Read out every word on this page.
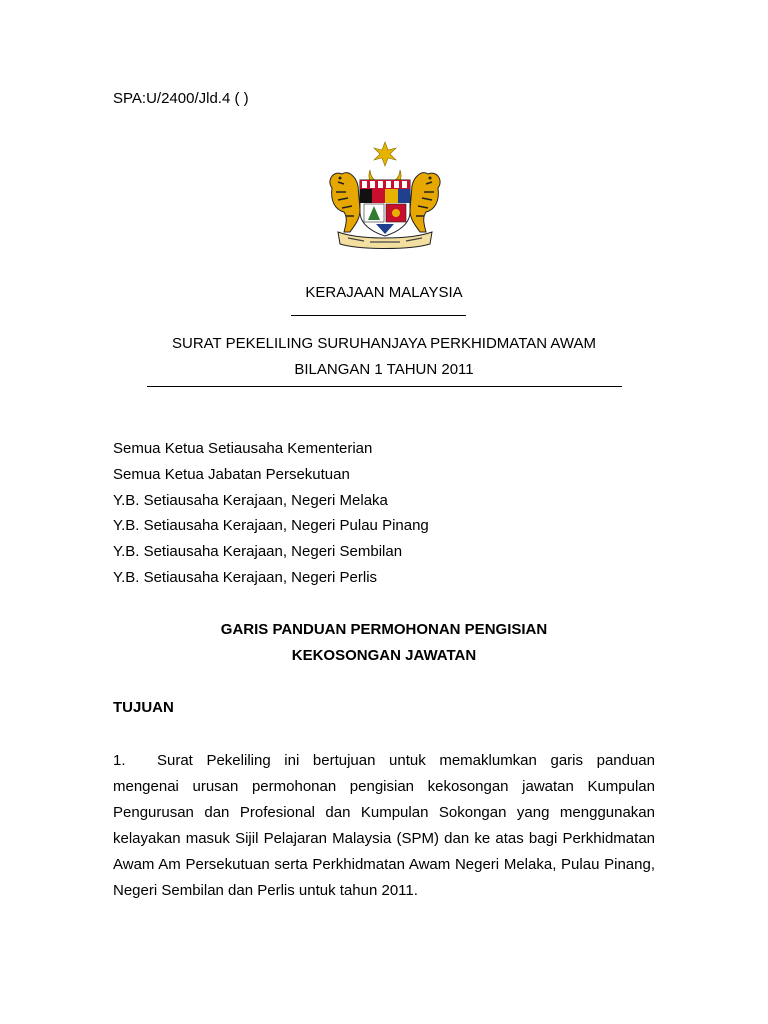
SPA:U/2400/Jld.4 ( )
KERAJAAN MALAYSIA
SURAT PEKELILING SURUHANJAYA PERKHIDMATAN AWAM
BILANGAN 1 TAHUN 2011
Semua Ketua Setiausaha Kementerian
Semua Ketua Jabatan Persekutuan
Y.B. Setiausaha Kerajaan, Negeri Melaka
Y.B. Setiausaha Kerajaan, Negeri Pulau Pinang
Y.B. Setiausaha Kerajaan, Negeri Sembilan
Y.B. Setiausaha Kerajaan, Negeri Perlis
GARIS PANDUAN PERMOHONAN PENGISIAN
KEKOSONGAN JAWATAN
TUJUAN
1.	Surat Pekeliling ini bertujuan untuk memaklumkan garis panduan
mengenai urusan permohonan pengisian kekosongan jawatan Kumpulan
Pengurusan dan Profesional dan Kumpulan Sokongan yang menggunakan
kelayakan masuk Sijil Pelajaran Malaysia (SPM) dan ke atas bagi Perkhidmatan
Awam Am Persekutuan serta Perkhidmatan Awam Negeri Melaka, Pulau Pinang,
Negeri Sembilan dan Perlis untuk tahun 2011.
